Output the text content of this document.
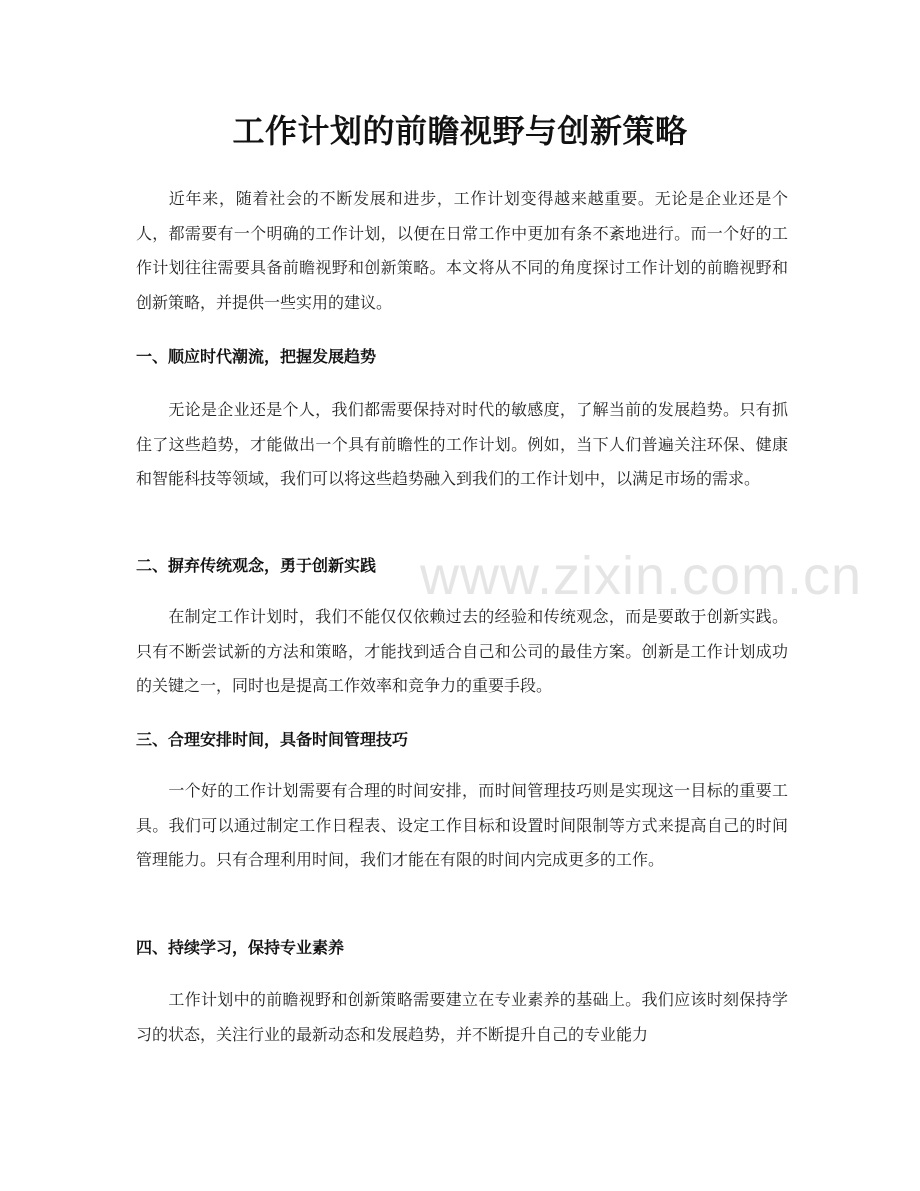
工作计划的前瞻视野与创新策略

近年来，随着社会的不断发展和进步，工作计划变得越来越重要。无论是企业还是个人，都需要有一个明确的工作计划，以便在日常工作中更加有条不紊地进行。而一个好的工作计划往往需要具备前瞻视野和创新策略。本文将从不同的角度探讨工作计划的前瞻视野和创新策略，并提供一些实用的建议。

一、顺应时代潮流，把握发展趋势

无论是企业还是个人，我们都需要保持对时代的敏感度，了解当前的发展趋势。只有抓住了这些趋势，才能做出一个具有前瞻性的工作计划。例如，当下人们普遍关注环保、健康和智能科技等领域，我们可以将这些趋势融入到我们的工作计划中，以满足市场的需求。

二、摒弃传统观念，勇于创新实践

在制定工作计划时，我们不能仅仅依赖过去的经验和传统观念，而是要敢于创新实践。只有不断尝试新的方法和策略，才能找到适合自己和公司的最佳方案。创新是工作计划成功的关键之一，同时也是提高工作效率和竞争力的重要手段。

三、合理安排时间，具备时间管理技巧

一个好的工作计划需要有合理的时间安排，而时间管理技巧则是实现这一目标的重要工具。我们可以通过制定工作日程表、设定工作目标和设置时间限制等方式来提高自己的时间管理能力。只有合理利用时间，我们才能在有限的时间内完成更多的工作。

四、持续学习，保持专业素养

工作计划中的前瞻视野和创新策略需要建立在专业素养的基础上。我们应该时刻保持学习的状态，关注行业的最新动态和发展趋势，并不断提升自己的专业能力

www.zixin.com.cn
